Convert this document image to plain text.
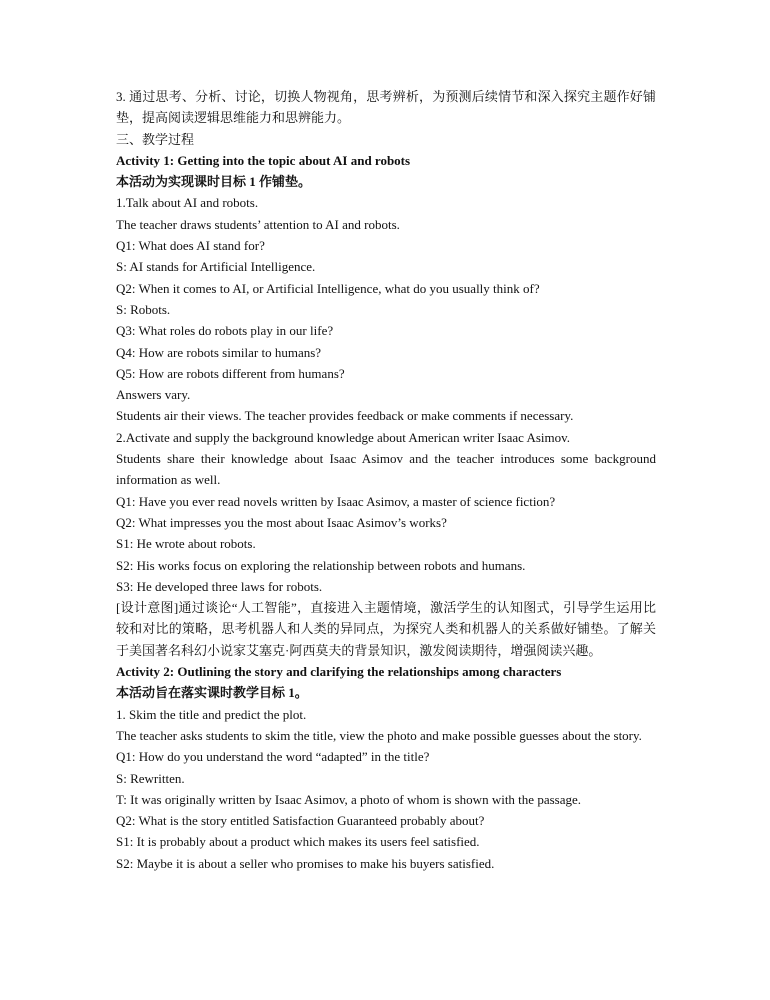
3. 通过思考、分析、讨论，切换人物视角，思考辨析，为预测后续情节和深入探究主题作好铺垫，提高阅读逻辑思维能力和思辨能力。

三、教学过程

Activity 1: Getting into the topic about AI and robots

本活动为实现课时目标 1 作铺垫。

1.Talk about AI and robots.

The teacher draws students’ attention to AI and robots.

Q1: What does AI stand for?

S: AI stands for Artificial Intelligence.

Q2: When it comes to AI, or Artificial Intelligence, what do you usually think of?

S: Robots.

Q3: What roles do robots play in our life?

Q4: How are robots similar to humans?

Q5: How are robots different from humans?

Answers vary.

Students air their views. The teacher provides feedback or make comments if necessary.

2.Activate and supply the background knowledge about American writer Isaac Asimov.

Students share their knowledge about Isaac Asimov and the teacher introduces some background information as well.

Q1: Have you ever read novels written by Isaac Asimov, a master of science fiction?

Q2: What impresses you the most about Isaac Asimov’s works?

S1: He wrote about robots.

S2: His works focus on exploring the relationship between robots and humans.

S3: He developed three laws for robots.

[设计意图]通过谈论“人工智能”，直接进入主题情境，激活学生的认知图式，引导学生运用比较和对比的策略，思考机器人和人类的异同点，为探究人类和机器人的关系做好铺垫。了解关于美国著名科幻小说家艾塞克·阿西莫夫的背景知识，激发阅读期待，增强阅读兴趣。

Activity 2: Outlining the story and clarifying the relationships among characters

本活动旨在落实课时教学目标 1。

1. Skim the title and predict the plot.

The teacher asks students to skim the title, view the photo and make possible guesses about the story.

Q1: How do you understand the word “adapted” in the title?

S: Rewritten.

T: It was originally written by Isaac Asimov, a photo of whom is shown with the passage.

Q2: What is the story entitled Satisfaction Guaranteed probably about?

S1: It is probably about a product which makes its users feel satisfied.

S2: Maybe it is about a seller who promises to make his buyers satisfied.
